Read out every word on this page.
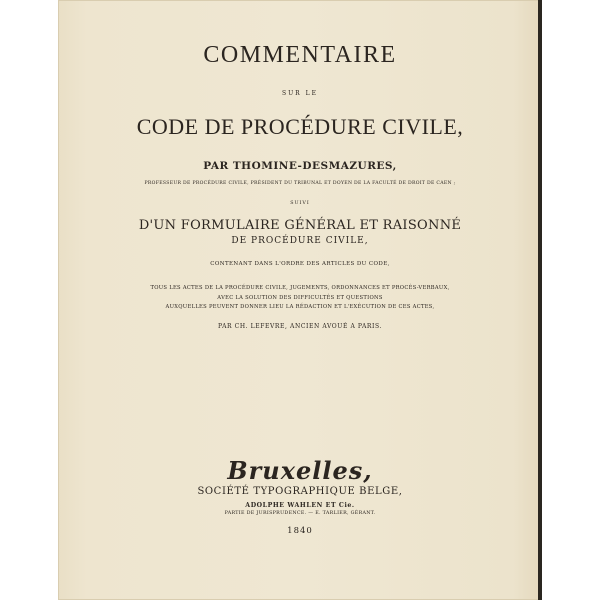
COMMENTAIRE
SUR LE
CODE DE PROCÉDURE CIVILE,
PAR THOMINE-DESMAZURES,
PROFESSEUR DE PROCÉDURE CIVILE, PRÉSIDENT DU TRIBUNAL ET DOYEN DE LA FACULTÉ DE DROIT DE CAEN ;
SUIVI
D'UN FORMULAIRE GÉNÉRAL ET RAISONNÉ
DE PROCÉDURE CIVILE,
CONTENANT DANS L'ORDRE DES ARTICLES DU CODE,
TOUS LES ACTES DE LA PROCÉDURE CIVILE, JUGEMENTS, ORDONNANCES ET PROCÈS-VERBAUX,
AVEC LA SOLUTION DES DIFFICULTÉS ET QUESTIONS
AUXQUELLES PEUVENT DONNER LIEU LA RÉDACTION ET L'EXÉCUTION DE CES ACTES,
PAR CH. LEFEVRE, ANCIEN AVOUÉ A PARIS.
Bruxelles,
SOCIÉTÉ TYPOGRAPHIQUE BELGE,
ADOLPHE WAHLEN ET Cie.
PARTIE DE JURISPRUDENCE. — E. TARLIER, GÉRANT.
1840
